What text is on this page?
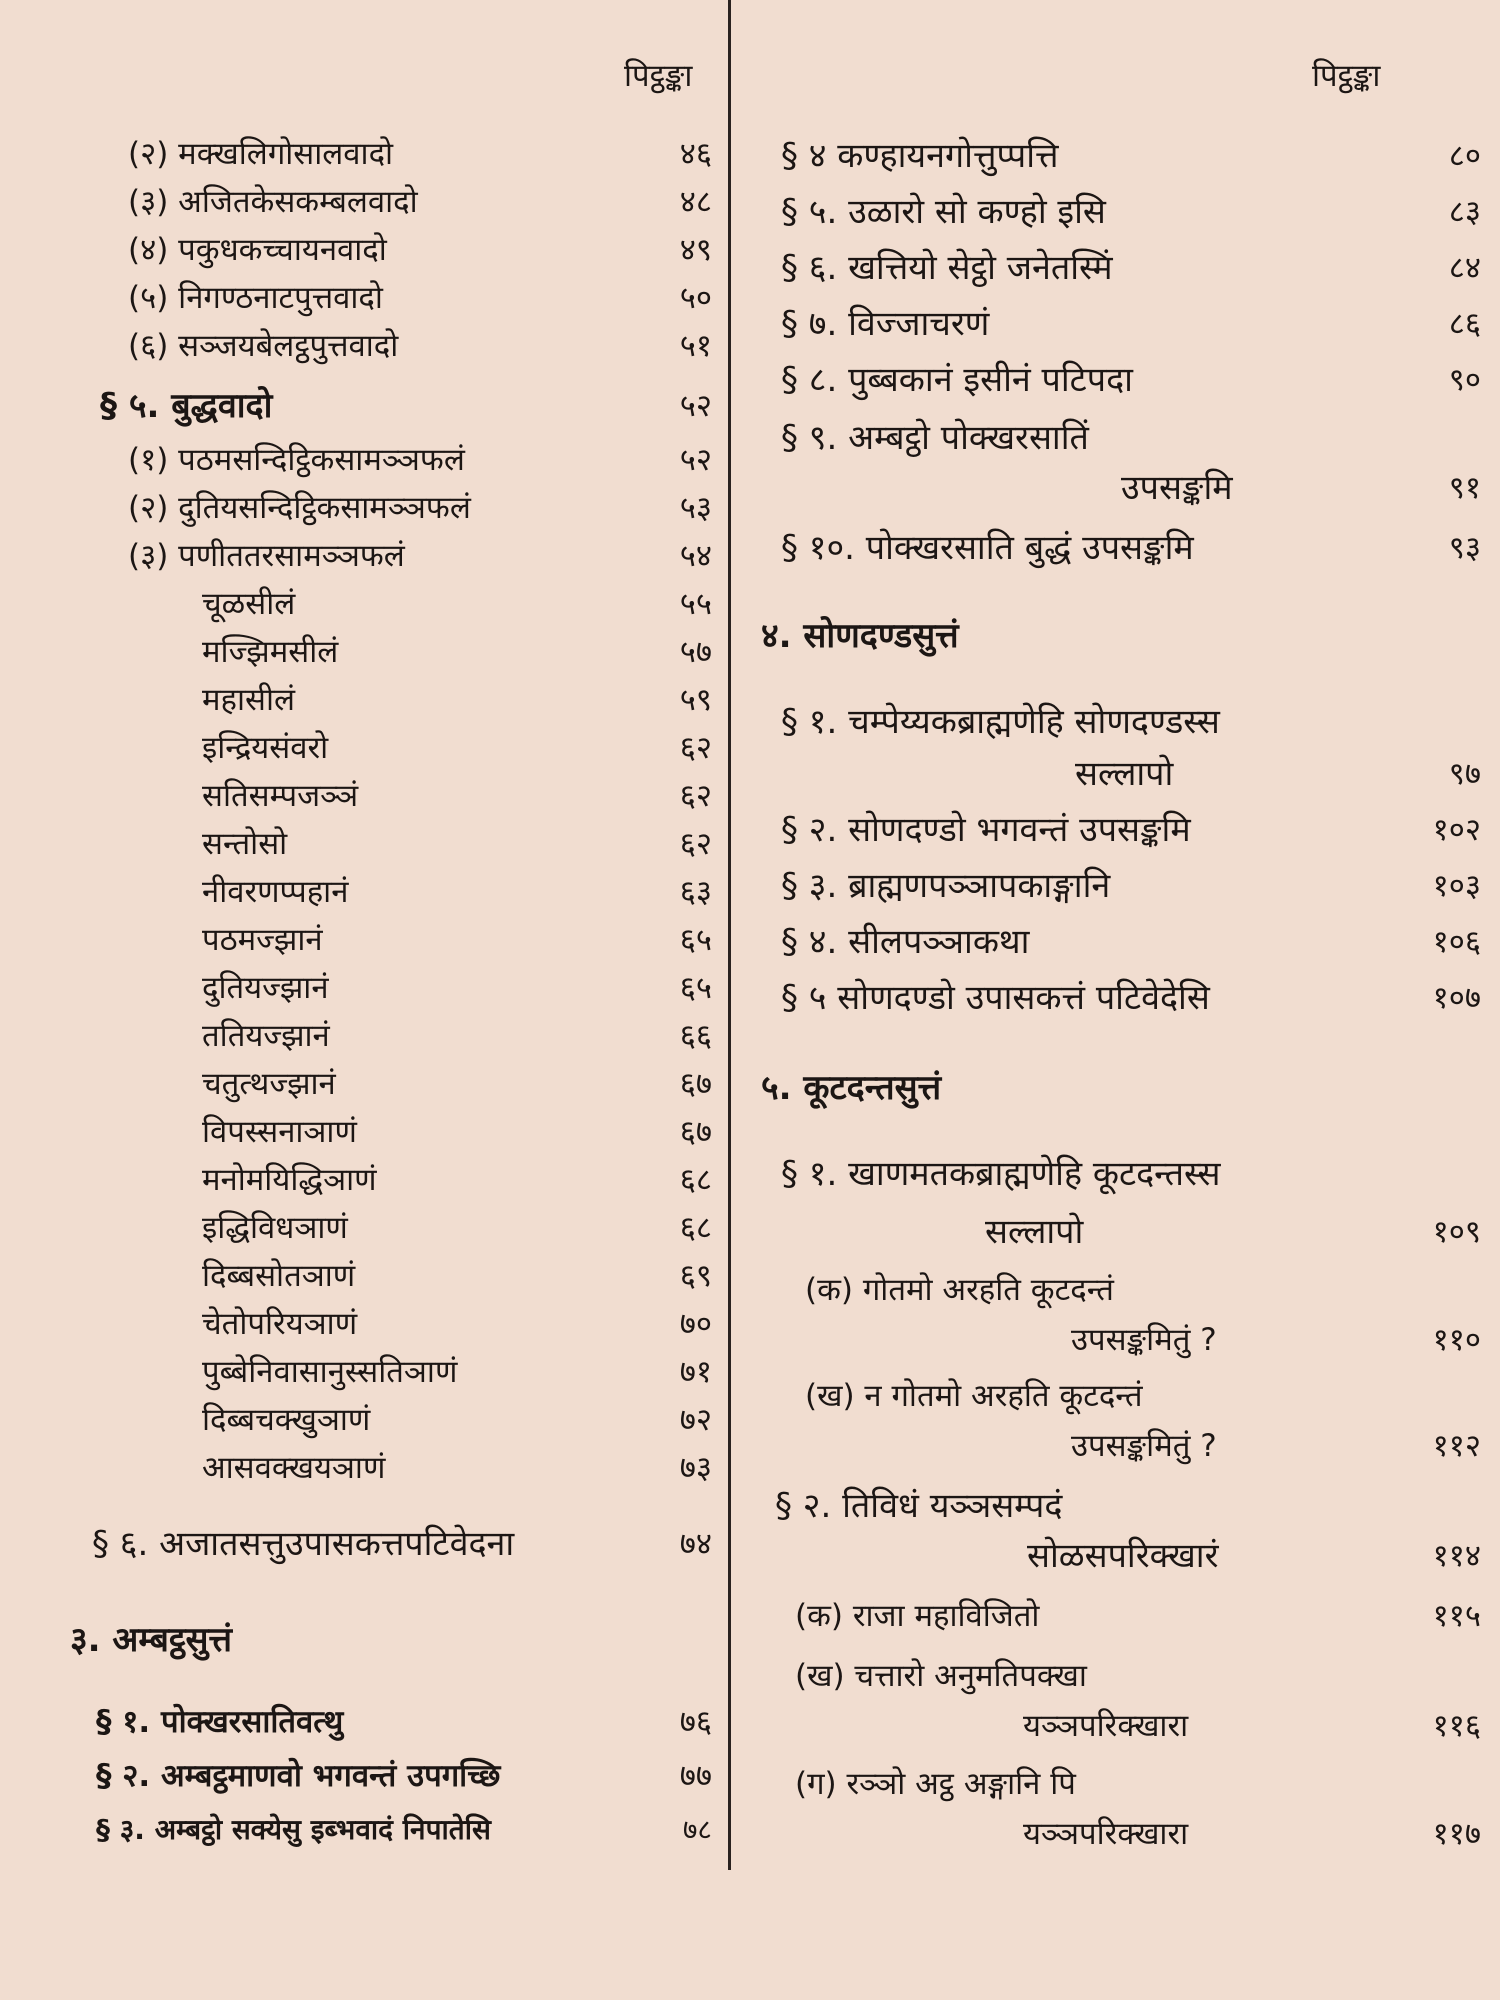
पिट्ठङ्का	पिट्ठङ्का
(२) मक्खलिगोसालवादो	४६
(३) अजितकेसकम्बलवादो	४८
(४) पकुधकच्चायनवादो	४९
(५) निगण्ठनाटपुत्तवादो	५०
(६) सञ्जयबेलट्ठपुत्तवादो	५१
§ ५. बुद्धवादो	५२
(१) पठमसन्दिट्ठिकसामञ्ञफलं	५२
(२) दुतियसन्दिट्ठिकसामञ्ञफलं	५३
(३) पणीततरसामञ्ञफलं	५४
चूळसीलं	५५
मज्झिमसीलं	५७
महासीलं	५९
इन्द्रियसंवरो	६२
सतिसम्पजञ्ञं	६२
सन्तोसो	६२
नीवरणप्पहानं	६३
पठमज्झानं	६५
दुतियज्झानं	६५
ततियज्झानं	६६
चतुत्थज्झानं	६७
विपस्सनाञाणं	६७
मनोमयिद्धिञाणं	६८
इद्धिविधञाणं	६८
दिब्बसोतञाणं	६९
चेतोपरियञाणं	७०
पुब्बेनिवासानुस्सतिञाणं	७१
दिब्बचक्खुञाणं	७२
आसवक्खयञाणं	७३
§ ६. अजातसत्तुउपासकत्तपटिवेदना	७४
३. अम्बट्ठसुत्तं
§ १. पोक्खरसातिवत्थु	७६
§ २. अम्बट्ठमाणवो भगवन्तं उपगच्छि	७७
§ ३. अम्बट्ठो सक्येसु इब्भवादं निपातेसि	७८
§ ४ कण्हायनगोत्तुप्पत्ति	८०
§ ५. उळारो सो कण्हो इसि	८३
§ ६. खत्तियो सेट्ठो जनेतस्मिं	८४
§ ७. विज्जाचरणं	८६
§ ८. पुब्बकानं इसीनं पटिपदा	९०
§ ९. अम्बट्ठो पोक्खरसातिं
उपसङ्कमि	९१
§ १०. पोक्खरसाति बुद्धं उपसङ्कमि	९३
४. सोणदण्डसुत्तं
§ १. चम्पेय्यकब्राह्मणेहि सोणदण्डस्स
सल्लापो	९७
§ २. सोणदण्डो भगवन्तं उपसङ्कमि	१०२
§ ३. ब्राह्मणपञ्ञापकाङ्गानि	१०३
§ ४. सीलपञ्ञाकथा	१०६
§ ५ सोणदण्डो उपासकत्तं पटिवेदेसि	१०७
५. कूटदन्तसुत्तं
§ १. खाणमतकब्राह्मणेहि कूटदन्तस्स
सल्लापो	१०९
(क) गोतमो अरहति कूटदन्तं
उपसङ्कमितुं ?	११०
(ख) न गोतमो अरहति कूटदन्तं
उपसङ्कमितुं ?	११२
§ २. तिविधं यञ्ञसम्पदं
सोळसपरिक्खारं	११४
(क) राजा महाविजितो	११५
(ख) चत्तारो अनुमतिपक्खा
यञ्ञपरिक्खारा	११६
(ग) रञ्ञो अट्ठ अङ्गानि पि
यञ्ञपरिक्खारा	११७
